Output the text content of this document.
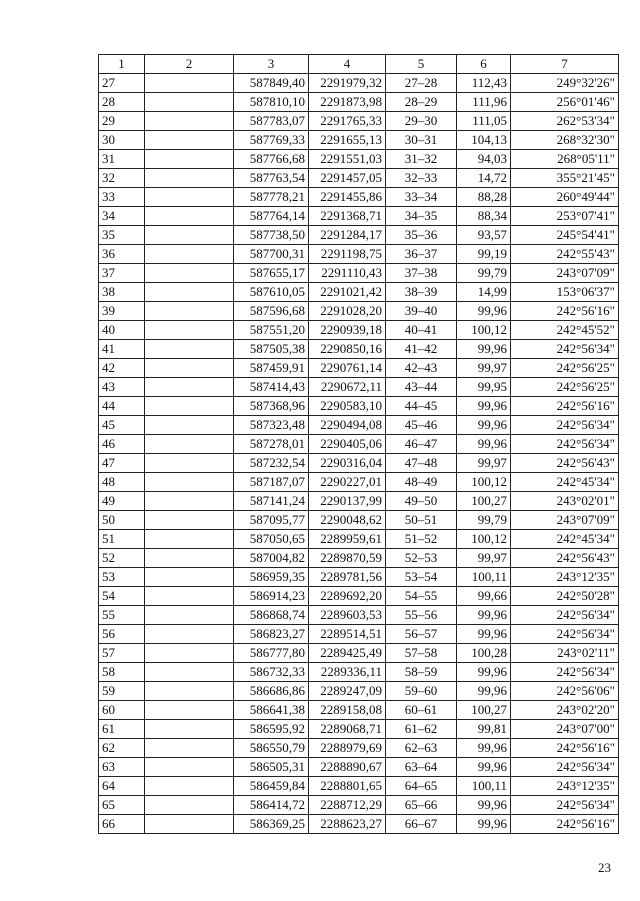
1	2	3	4	5	6	7
27		587849,40	2291979,32	27–28	112,43	249°32'26"
28		587810,10	2291873,98	28–29	111,96	256°01'46"
29		587783,07	2291765,33	29–30	111,05	262°53'34"
30		587769,33	2291655,13	30–31	104,13	268°32'30"
31		587766,68	2291551,03	31–32	94,03	268°05'11"
32		587763,54	2291457,05	32–33	14,72	355°21'45"
33		587778,21	2291455,86	33–34	88,28	260°49'44"
34		587764,14	2291368,71	34–35	88,34	253°07'41"
35		587738,50	2291284,17	35–36	93,57	245°54'41"
36		587700,31	2291198,75	36–37	99,19	242°55'43"
37		587655,17	2291110,43	37–38	99,79	243°07'09"
38		587610,05	2291021,42	38–39	14,99	153°06'37"
39		587596,68	2291028,20	39–40	99,96	242°56'16"
40		587551,20	2290939,18	40–41	100,12	242°45'52"
41		587505,38	2290850,16	41–42	99,96	242°56'34"
42		587459,91	2290761,14	42–43	99,97	242°56'25"
43		587414,43	2290672,11	43–44	99,95	242°56'25"
44		587368,96	2290583,10	44–45	99,96	242°56'16"
45		587323,48	2290494,08	45–46	99,96	242°56'34"
46		587278,01	2290405,06	46–47	99,96	242°56'34"
47		587232,54	2290316,04	47–48	99,97	242°56'43"
48		587187,07	2290227,01	48–49	100,12	242°45'34"
49		587141,24	2290137,99	49–50	100,27	243°02'01"
50		587095,77	2290048,62	50–51	99,79	243°07'09"
51		587050,65	2289959,61	51–52	100,12	242°45'34"
52		587004,82	2289870,59	52–53	99,97	242°56'43"
53		586959,35	2289781,56	53–54	100,11	243°12'35"
54		586914,23	2289692,20	54–55	99,66	242°50'28"
55		586868,74	2289603,53	55–56	99,96	242°56'34"
56		586823,27	2289514,51	56–57	99,96	242°56'34"
57		586777,80	2289425,49	57–58	100,28	243°02'11"
58		586732,33	2289336,11	58–59	99,96	242°56'34"
59		586686,86	2289247,09	59–60	99,96	242°56'06"
60		586641,38	2289158,08	60–61	100,27	243°02'20"
61		586595,92	2289068,71	61–62	99,81	243°07'00"
62		586550,79	2288979,69	62–63	99,96	242°56'16"
63		586505,31	2288890,67	63–64	99,96	242°56'34"
64		586459,84	2288801,65	64–65	100,11	243°12'35"
65		586414,72	2288712,29	65–66	99,96	242°56'34"
66		586369,25	2288623,27	66–67	99,96	242°56'16"
23
